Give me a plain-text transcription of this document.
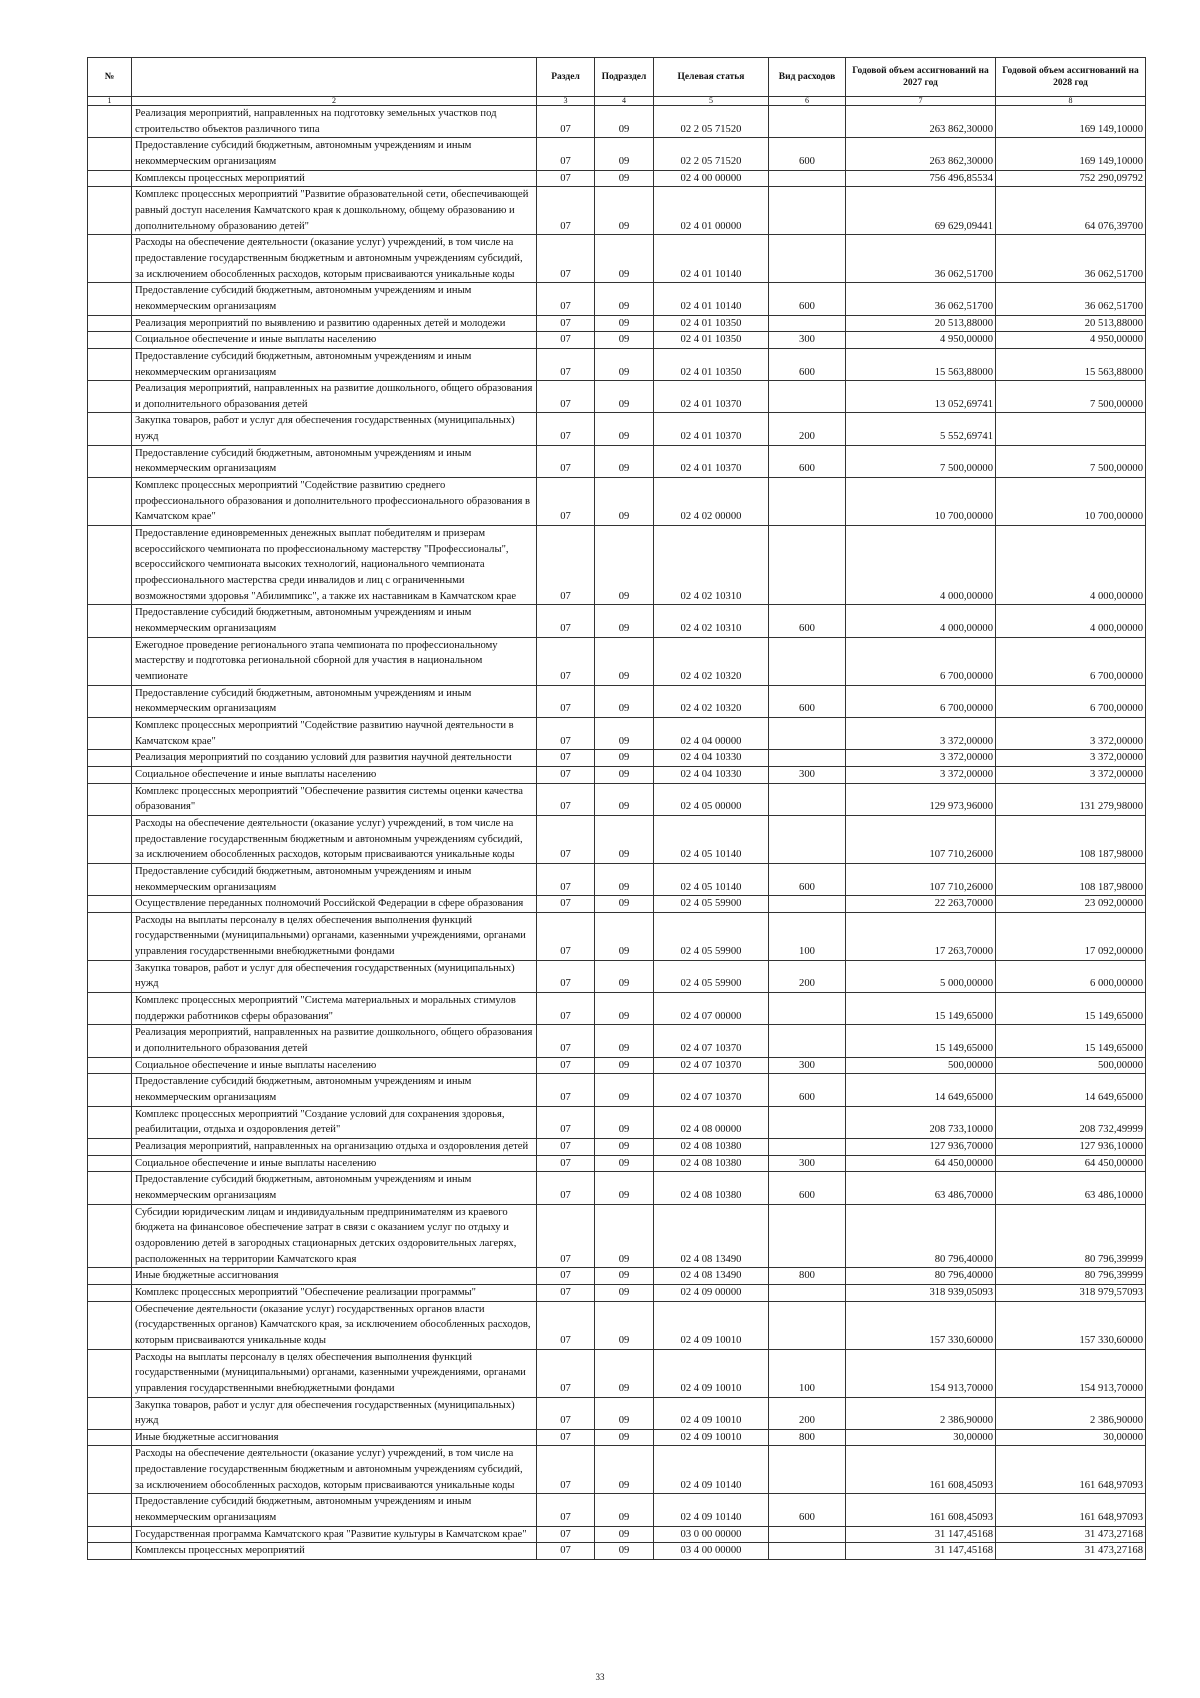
№		Раздел	Подраздел	Целевая статья	Вид расходов	Годовой объем ассигнований на 2027 год	Годовой объем ассигнований на 2028 год
1	2	3	4	5	6	7	8
	Реализация мероприятий, направленных на подготовку земельных участков под строительство объектов различного типа	07	09	02 2 05 71520		263 862,30000	169 149,10000
	Предоставление субсидий бюджетным, автономным учреждениям и иным некоммерческим организациям	07	09	02 2 05 71520	600	263 862,30000	169 149,10000
	Комплексы процессных мероприятий	07	09	02 4 00 00000		756 496,85534	752 290,09792
	Комплекс процессных мероприятий "Развитие образовательной сети, обеспечивающей равный доступ населения Камчатского края к дошкольному, общему образованию и дополнительному образованию детей"	07	09	02 4 01 00000		69 629,09441	64 076,39700
	Расходы на обеспечение деятельности (оказание услуг) учреждений, в том числе на предоставление государственным бюджетным и автономным учреждениям субсидий, за исключением обособленных расходов, которым присваиваются уникальные коды	07	09	02 4 01 10140		36 062,51700	36 062,51700
	Предоставление субсидий бюджетным, автономным учреждениям и иным некоммерческим организациям	07	09	02 4 01 10140	600	36 062,51700	36 062,51700
	Реализация мероприятий по выявлению и развитию одаренных детей и молодежи	07	09	02 4 01 10350		20 513,88000	20 513,88000
	Социальное обеспечение и иные выплаты населению	07	09	02 4 01 10350	300	4 950,00000	4 950,00000
	Предоставление субсидий бюджетным, автономным учреждениям и иным некоммерческим организациям	07	09	02 4 01 10350	600	15 563,88000	15 563,88000
	Реализация мероприятий, направленных на развитие дошкольного, общего образования и дополнительного образования детей	07	09	02 4 01 10370		13 052,69741	7 500,00000
	Закупка товаров, работ и услуг для обеспечения государственных (муниципальных) нужд	07	09	02 4 01 10370	200	5 552,69741	
	Предоставление субсидий бюджетным, автономным учреждениям и иным некоммерческим организациям	07	09	02 4 01 10370	600	7 500,00000	7 500,00000
	Комплекс процессных мероприятий "Содействие развитию среднего профессионального образования и дополнительного профессионального образования в Камчатском крае"	07	09	02 4 02 00000		10 700,00000	10 700,00000
	Предоставление единовременных денежных выплат победителям и призерам всероссийского чемпионата по профессиональному мастерству "Профессионалы", всероссийского чемпионата высоких технологий, национального чемпионата профессионального мастерства среди инвалидов и лиц с ограниченными возможностями здоровья "Абилимпикс", а также их наставникам в Камчатском крае	07	09	02 4 02 10310		4 000,00000	4 000,00000
	Предоставление субсидий бюджетным, автономным учреждениям и иным некоммерческим организациям	07	09	02 4 02 10310	600	4 000,00000	4 000,00000
	Ежегодное проведение регионального этапа чемпионата по профессиональному мастерству и подготовка региональной сборной для участия в национальном чемпионате	07	09	02 4 02 10320		6 700,00000	6 700,00000
	Предоставление субсидий бюджетным, автономным учреждениям и иным некоммерческим организациям	07	09	02 4 02 10320	600	6 700,00000	6 700,00000
	Комплекс процессных мероприятий "Содействие развитию научной деятельности в Камчатском крае"	07	09	02 4 04 00000		3 372,00000	3 372,00000
	Реализация мероприятий по созданию условий для развития научной деятельности	07	09	02 4 04 10330		3 372,00000	3 372,00000
	Социальное обеспечение и иные выплаты населению	07	09	02 4 04 10330	300	3 372,00000	3 372,00000
	Комплекс процессных мероприятий "Обеспечение развития системы оценки качества образования"	07	09	02 4 05 00000		129 973,96000	131 279,98000
	Расходы на обеспечение деятельности (оказание услуг) учреждений, в том числе на предоставление государственным бюджетным и автономным учреждениям субсидий, за исключением обособленных расходов, которым присваиваются уникальные коды	07	09	02 4 05 10140		107 710,26000	108 187,98000
	Предоставление субсидий бюджетным, автономным учреждениям и иным некоммерческим организациям	07	09	02 4 05 10140	600	107 710,26000	108 187,98000
	Осуществление переданных полномочий Российской Федерации в сфере образования	07	09	02 4 05 59900		22 263,70000	23 092,00000
	Расходы на выплаты персоналу в целях обеспечения выполнения функций государственными (муниципальными) органами, казенными учреждениями, органами управления государственными внебюджетными фондами	07	09	02 4 05 59900	100	17 263,70000	17 092,00000
	Закупка товаров, работ и услуг для обеспечения государственных (муниципальных) нужд	07	09	02 4 05 59900	200	5 000,00000	6 000,00000
	Комплекс процессных мероприятий "Система материальных и моральных стимулов поддержки работников сферы образования"	07	09	02 4 07 00000		15 149,65000	15 149,65000
	Реализация мероприятий, направленных на развитие дошкольного, общего образования и дополнительного образования детей	07	09	02 4 07 10370		15 149,65000	15 149,65000
	Социальное обеспечение и иные выплаты населению	07	09	02 4 07 10370	300	500,00000	500,00000
	Предоставление субсидий бюджетным, автономным учреждениям и иным некоммерческим организациям	07	09	02 4 07 10370	600	14 649,65000	14 649,65000
	Комплекс процессных мероприятий "Создание условий для сохранения здоровья, реабилитации, отдыха и оздоровления детей"	07	09	02 4 08 00000		208 733,10000	208 732,49999
	Реализация мероприятий, направленных на организацию отдыха и оздоровления детей	07	09	02 4 08 10380		127 936,70000	127 936,10000
	Социальное обеспечение и иные выплаты населению	07	09	02 4 08 10380	300	64 450,00000	64 450,00000
	Предоставление субсидий бюджетным, автономным учреждениям и иным некоммерческим организациям	07	09	02 4 08 10380	600	63 486,70000	63 486,10000
	Субсидии юридическим лицам и индивидуальным предпринимателям из краевого бюджета на финансовое обеспечение затрат в связи с оказанием услуг по отдыху и оздоровлению детей в загородных стационарных детских оздоровительных лагерях, расположенных на территории Камчатского края	07	09	02 4 08 13490		80 796,40000	80 796,39999
	Иные бюджетные ассигнования	07	09	02 4 08 13490	800	80 796,40000	80 796,39999
	Комплекс процессных мероприятий "Обеспечение реализации программы"	07	09	02 4 09 00000		318 939,05093	318 979,57093
	Обеспечение деятельности (оказание услуг) государственных органов власти (государственных органов) Камчатского края, за исключением обособленных расходов, которым присваиваются уникальные коды	07	09	02 4 09 10010		157 330,60000	157 330,60000
	Расходы на выплаты персоналу в целях обеспечения выполнения функций государственными (муниципальными) органами, казенными учреждениями, органами управления государственными внебюджетными фондами	07	09	02 4 09 10010	100	154 913,70000	154 913,70000
	Закупка товаров, работ и услуг для обеспечения государственных (муниципальных) нужд	07	09	02 4 09 10010	200	2 386,90000	2 386,90000
	Иные бюджетные ассигнования	07	09	02 4 09 10010	800	30,00000	30,00000
	Расходы на обеспечение деятельности (оказание услуг) учреждений, в том числе на предоставление государственным бюджетным и автономным учреждениям субсидий, за исключением обособленных расходов, которым присваиваются уникальные коды	07	09	02 4 09 10140		161 608,45093	161 648,97093
	Предоставление субсидий бюджетным, автономным учреждениям и иным некоммерческим организациям	07	09	02 4 09 10140	600	161 608,45093	161 648,97093
	Государственная программа Камчатского края "Развитие культуры в Камчатском крае"	07	09	03 0 00 00000		31 147,45168	31 473,27168
	Комплексы процессных мероприятий	07	09	03 4 00 00000		31 147,45168	31 473,27168
33
